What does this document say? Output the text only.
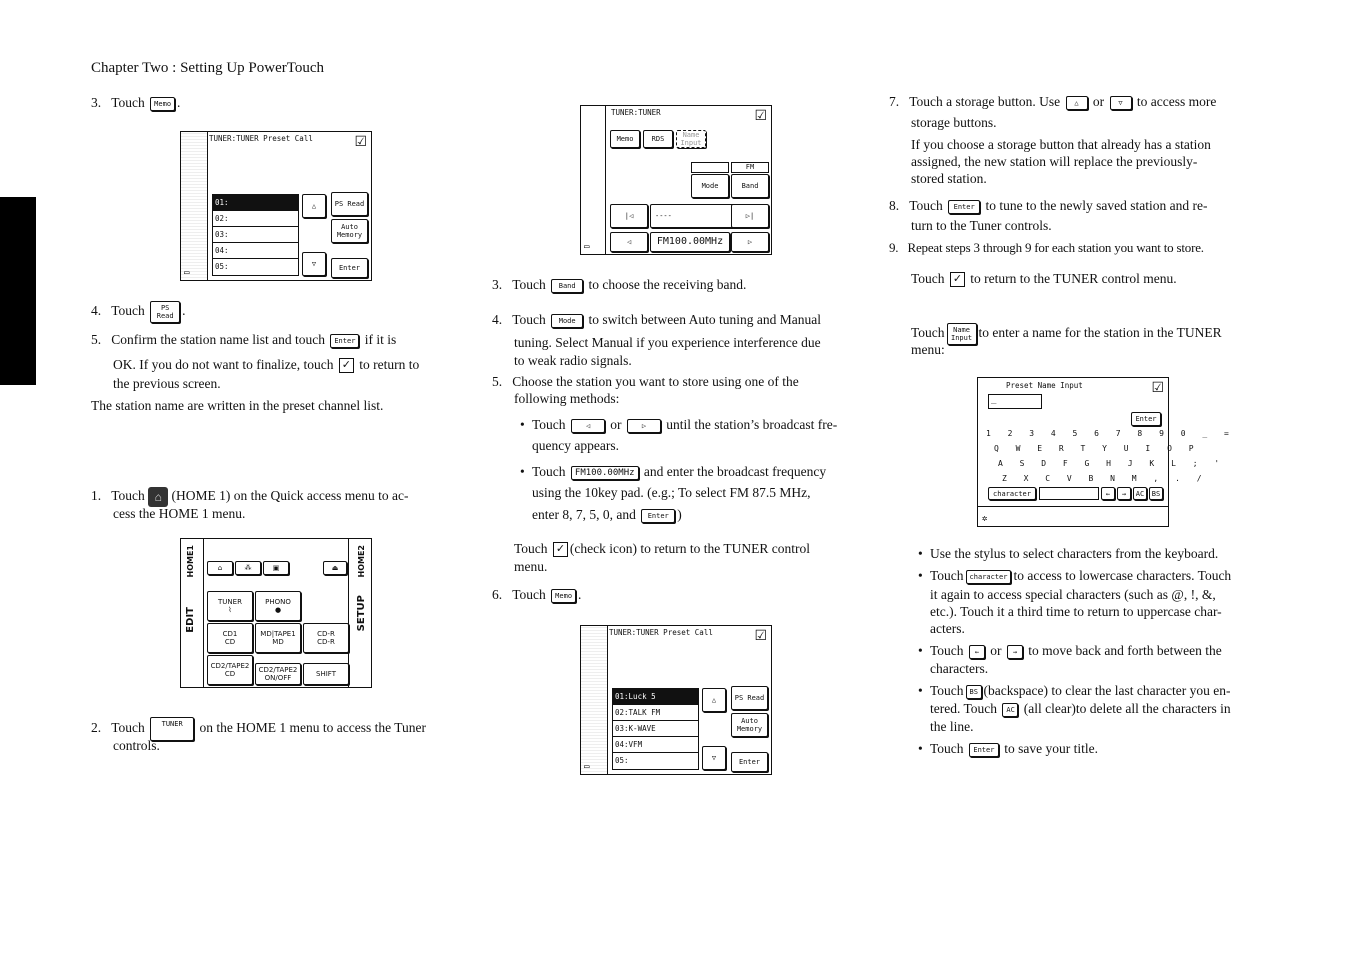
Chapter Two : Setting Up PowerTouch
3. Touch Memo .
TUNER:TUNER Preset Call	☑
01:
02:
03:
04:
05:
△
▽
PS Read
Auto Memory
Enter
▭
4. Touch PS Read .
5. Confirm the station name list and touch Enter if it is
OK. If you do not want to finalize, touch ✓ to return to
the previous screen.
The station name are written in the preset channel list.
1. Touch ⌂ (HOME 1) on the Quick access menu to ac-
cess the HOME 1 menu.
HOME1	HOME2
EDIT	SETUP
⌂	⁂	▣	⏏
TUNER
⌇
PHONO
●
CD1
CD
MD|TAPE1
MD
CD-R
CD-R
CD2/TAPE2
CD	CD2/TAPE2 ON/OFF	SHIFT
2. Touch TUNER on the HOME 1 menu to access the Tuner
controls.
TUNER:TUNER	☑
Memo	RDS	Name Input
FM
Mode	Band
|◁	----	▷|
◁	FM100.00MHz	▷
▭
3. Touch Band to choose the receiving band.
4. Touch Mode to switch between Auto tuning and Manual
tuning. Select Manual if you experience interference due
to weak radio signals.
5. Choose the station you want to store using one of the
following methods:
• Touch	◁ or	▷ until the station’s broadcast fre-
quency appears.
• Touch FM100.00MHz and enter the broadcast frequency
using the 10key pad. (e.g.; To select FM 87.5 MHz,
enter 8, 7, 5, 0, and Enter )
Touch ✓ (check icon) to return to the TUNER control
menu.
6. Touch Memo .
TUNER:TUNER Preset Call	☑
01:Luck 5
02:TALK FM
03:K-WAVE
04:VFM
05:
△
▽
PS Read
Auto Memory
Enter
▭
7. Touch a storage button. Use △ or ▽ to access more
storage buttons.
If you choose a storage button that already has a station
assigned, the new station will replace the previously-
stored station.
8. Touch Enter to tune to the newly saved station and re-
turn to the Tuner controls.
9. Repeat steps 3 through 9 for each station you want to store.
Touch ✓ to return to the TUNER control menu.
Touch Name Input to enter a name for the station in the TUNER
menu:
Preset Name Input	☑
_
Enter
1 2 3 4 5 6 7 8 9 0 _ =
Q W E R T Y U I O P
A S D F G H J K L ; '
Z X C V B N M , . /
character	←	→	AC	BS
✲
• Use the stylus to select characters from the keyboard.
• Touch character to access to lowercase characters. Touch
it again to access special characters (such as @, !, &,
etc.). Touch it a third time to return to uppercase char-
acters.
• Touch ← or → to move back and forth between the
characters.
• Touch BS (backspace) to clear the last character you en-
tered. Touch AC (all clear)to delete all the characters in
the line.
• Touch Enter to save your title.
